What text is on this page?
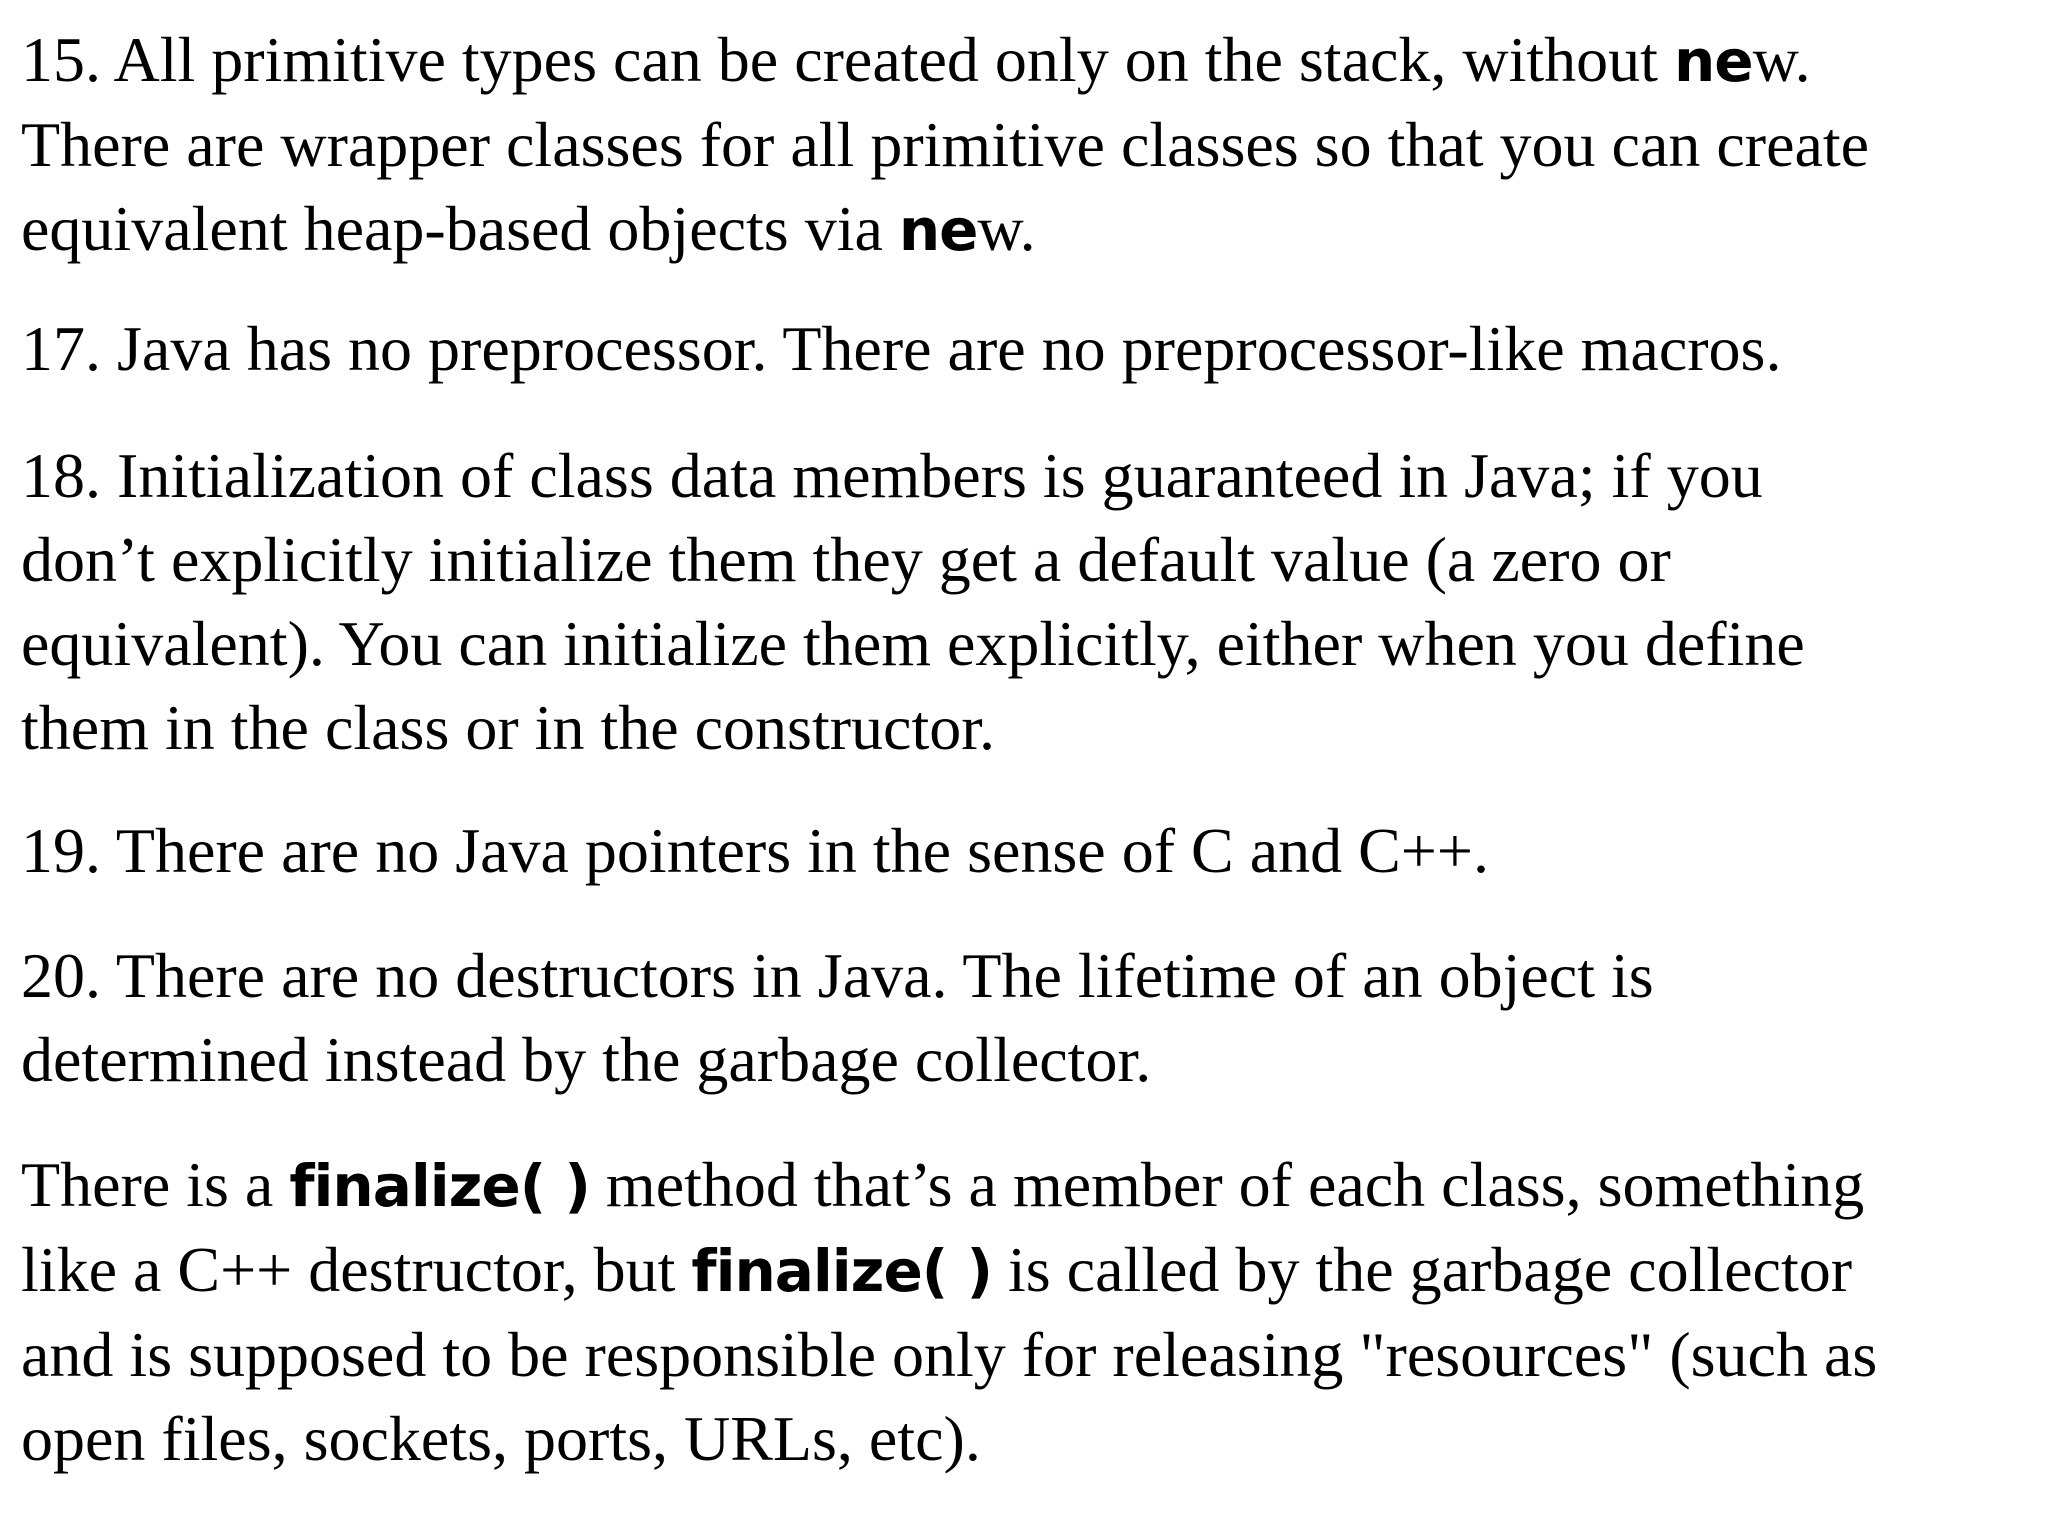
15. All primitive types can be created only on the stack, without new.
There are wrapper classes for all primitive classes so that you can create
equivalent heap-based objects via new.
17. Java has no preprocessor. There are no preprocessor-like macros.
18. Initialization of class data members is guaranteed in Java; if you
don’t explicitly initialize them they get a default value (a zero or
equivalent). You can initialize them explicitly, either when you define
them in the class or in the constructor.
19. There are no Java pointers in the sense of C and C++.
20. There are no destructors in Java. The lifetime of an object is
determined instead by the garbage collector.
There is a finalize( ) method that’s a member of each class, something
like a C++ destructor, but finalize( ) is called by the garbage collector
and is supposed to be responsible only for releasing "resources" (such as
open files, sockets, ports, URLs, etc).
